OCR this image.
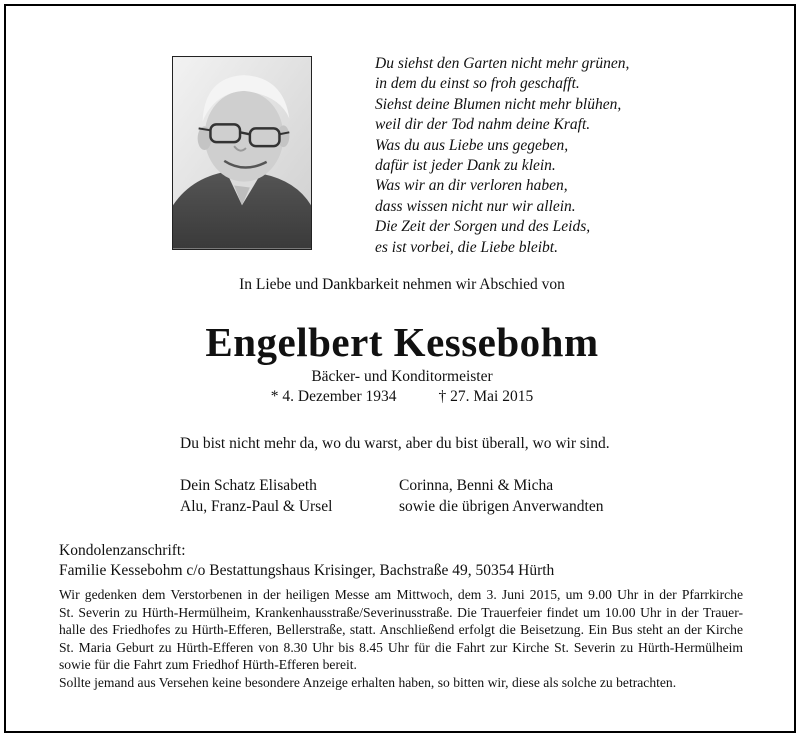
Du siehst den Garten nicht mehr grünen,
in dem du einst so froh geschafft.
Siehst deine Blumen nicht mehr blühen,
weil dir der Tod nahm deine Kraft.
Was du aus Liebe uns gegeben,
dafür ist jeder Dank zu klein.
Was wir an dir verloren haben,
dass wissen nicht nur wir allein.
Die Zeit der Sorgen und des Leids,
es ist vorbei, die Liebe bleibt.
In Liebe und Dankbarkeit nehmen wir Abschied von
Engelbert Kessebohm
Bäcker- und Konditormeister
* 4. Dezember 1934	† 27. Mai 2015
Du bist nicht mehr da, wo du warst, aber du bist überall, wo wir sind.
Dein Schatz Elisabeth
Alu, Franz-Paul & Ursel
Corinna, Benni & Micha
sowie die übrigen Anverwandten
Kondolenzanschrift:
Familie Kessebohm c/o Bestattungshaus Krisinger, Bachstraße 49, 50354 Hürth
Wir gedenken dem Verstorbenen in der heiligen Messe am Mittwoch, dem 3. Juni 2015, um 9.00 Uhr in der Pfarrkirche
St. Severin zu Hürth-Hermülheim, Krankenhausstraße/Severinusstraße. Die Trauerfeier findet um 10.00 Uhr in der Trauer-
halle des Friedhofes zu Hürth-Efferen, Bellerstraße, statt. Anschließend erfolgt die Beisetzung. Ein Bus steht an der Kirche
St. Maria Geburt zu Hürth-Efferen von 8.30 Uhr bis 8.45 Uhr für die Fahrt zur Kirche St. Severin zu Hürth-Hermülheim
sowie für die Fahrt zum Friedhof Hürth-Efferen bereit.
Sollte jemand aus Versehen keine besondere Anzeige erhalten haben, so bitten wir, diese als solche zu betrachten.
